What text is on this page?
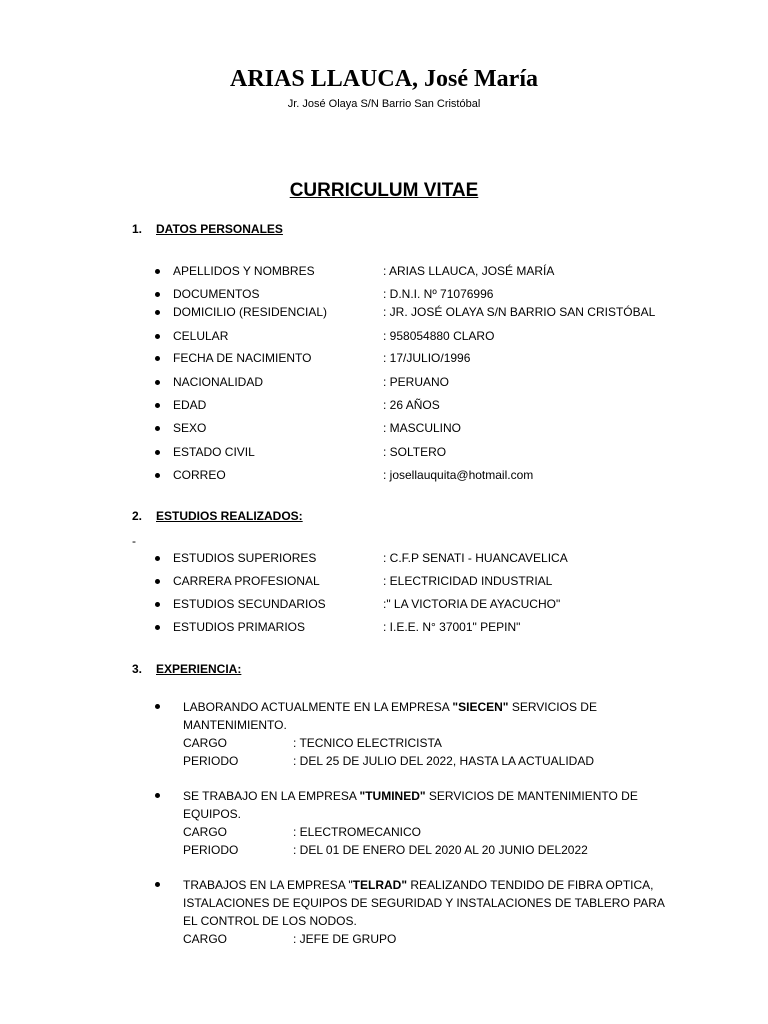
ARIAS LLAUCA, José María
Jr. José Olaya S/N Barrio San Cristóbal
CURRICULUM VITAE
1. DATOS PERSONALES
APELLIDOS Y NOMBRES	: ARIAS LLAUCA, JOSÉ MARÍA
DOCUMENTOS	: D.N.I. Nº 71076996
DOMICILIO (RESIDENCIAL)	: JR. JOSÉ OLAYA S/N BARRIO SAN CRISTÓBAL
CELULAR	: 958054880 CLARO
FECHA DE NACIMIENTO	: 17/JULIO/1996
NACIONALIDAD	: PERUANO
EDAD	: 26 AÑOS
SEXO	: MASCULINO
ESTADO CIVIL	: SOLTERO
CORREO	: josellauquita@hotmail.com
2. ESTUDIOS REALIZADOS:
-
ESTUDIOS SUPERIORES	: C.F.P SENATI - HUANCAVELICA
CARRERA PROFESIONAL	: ELECTRICIDAD INDUSTRIAL
ESTUDIOS SECUNDARIOS	:" LA VICTORIA DE AYACUCHO"
ESTUDIOS PRIMARIOS	: I.E.E. N° 37001" PEPIN"
3. EXPERIENCIA:
LABORANDO ACTUALMENTE EN LA EMPRESA "SIECEN" SERVICIOS DE
MANTENIMIENTO.
CARGO	: TECNICO ELECTRICISTA
PERIODO	: DEL 25 DE JULIO DEL 2022, HASTA LA ACTUALIDAD
SE TRABAJO EN LA EMPRESA "TUMINED" SERVICIOS DE MANTENIMIENTO DE
EQUIPOS.
CARGO	: ELECTROMECANICO
PERIODO	: DEL 01 DE ENERO DEL 2020 AL 20 JUNIO DEL2022
TRABAJOS EN LA EMPRESA "TELRAD" REALIZANDO TENDIDO DE FIBRA OPTICA,
ISTALACIONES DE EQUIPOS DE SEGURIDAD Y INSTALACIONES DE TABLERO PARA
EL CONTROL DE LOS NODOS.
CARGO	: JEFE DE GRUPO
